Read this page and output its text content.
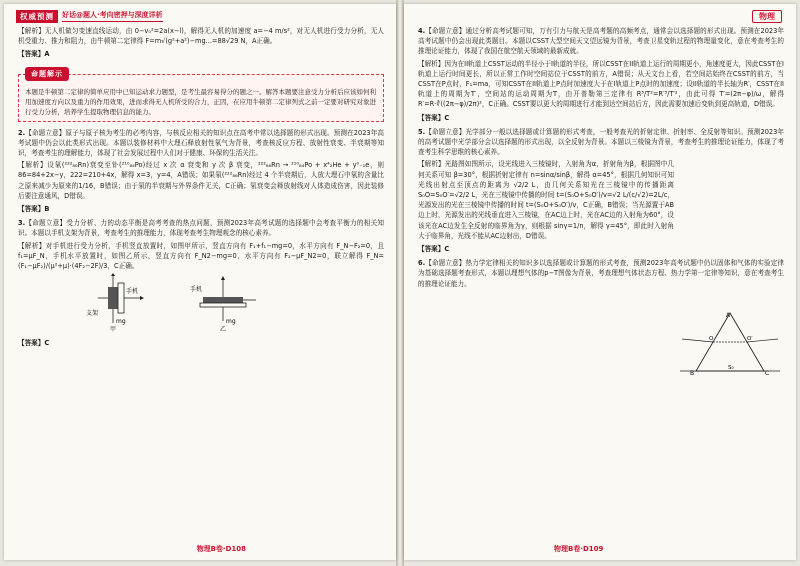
权威预测	好话@题人·考向密押与深度详析

【解析】无人机做匀变速直线运动，由 0−v₀²=2a(x−l)，解得无人机的加速度 a=−4 m/s²，对无人机进行受力分析，无人机受重力、推力和阻力，由牛顿第二定律得 F=m√(g²+a²)−mg...=88√29 N，A正确。

【答案】A

命题解示
本题是牛顿第二定律的简单应用中已知运动求力题型，是考生最容易得分的题之一。解答本题要注意受力分析后应该如何利用加速度方向以及重力的作用效果，进而求得无人机所受的合力，正因，在应用牛顿第二定律列式之前一定要对研究对象进行受力分析，培养学生提取物理信息的能力。

2.【命题立意】原子与原子核为考生的必考内容，与核反应相关的知识点在高考中常以选择题的形式出现。预测在2023年高考试题中仍会以此类形式出现。本题以装修材料中大理石释放射性氡气为背景，考查核反应方程、放射性衰变、半衰期等知识，考查考生的理解能力，体现了社会发展过程中人们对于健康、环保的生活关注。

【解析】设氡(²²²₈₆Rn)衰变至钋(²¹⁰₈₄Po)经过 x 次 α 衰变和 y 次 β 衰变，²²²₈₆Rn → ²¹⁰₈₄Po + x⁴₂He + y⁰₋₁e，则 86=84+2x−y，222=210+4x，解得 x=3，y=4，A错误；如果氡(²²²₈₆Rn)经过 4 个半衰期后，人放大理石中氡的含量比之原来减少为原来的1/16，B错误；由于氡的半衰期与外界条件无关，C正确；氡衰变会释放射线对人体造成伤害，因此装修后要注意通风，D错误。

【答案】B

3.【命题立意】受力分析、力的动态平衡是高考考查的热点问题，预测2023年高考试题的选择题中会考查平衡力的相关知识。本题以手机支架为背景，考查考生的推理能力，体现考查考生物理观念的核心素养。

【解析】对手机进行受力分析，手机竖直放置时，如图甲所示，竖直方向有 F₁+f₁−mg=0，水平方向有 F_N−F₂=0，且 f₁=μF_N，手机水平放置时，如图乙所示，竖直方向有 F_N2−mg=0，水平方向有 F₁−μF_N2=0，联立解得 F_N=(F₁−μF₂)/(μ²+μ)·(4F₂−2F)/3，C正确。

手机
支架
mg
甲
手机
mg
乙

【答案】C

物理B卷·D108
物理

4.【命题立意】通过分析高考试题可知，万有引力与航天是高考题的高频考点，通常会以选择题的形式出现。预测在2023年高考试题中仍会出现此类题目。本题以CSST大型空间天文望远镜为背景，考查卫星变轨过程的物理量变化，意在考查考生的推理论证能力，体现了我国在航空航天领域的最新成就。

【解析】因为在II轨道上CSST运动的半径小于I轨道的半径，所以CSST在II轨道上运行的周期更小，角速度更大，因此CSST在I轨道上运行时间更长，所以正常工作时空间站位于CSST的前方，A错误；从天文台上看，若空间站始终在CSST的前方，当CSST在P点时，F₁=ma，可知CSST在II轨道上P点时加速度大于在I轨道上P点时的加速度；设II轨道的半长轴为R′，CSST在II轨道上的周期为T′，空间站的运动周期为T，由开普勒第三定律有 R³/T²=R′³/T′²，由此可得 T′=(2π−φ)/ω，解得 R′=R·∛((2π−φ)/2π)²，C正确。CSST要以更大的周期进行才能到达空间站后方，因此需要加速后变轨到更高轨道，D错误。

【答案】C

5.【命题立意】光学部分一般以选择题或计算题的形式考查，一般考查光的折射定律、折射率、全反射等知识。预测2023年的高考试题中光学部分会以选择题的形式出现，以全反射为背景。本题以三棱镜为背景，考查考生的推理论证能力，体现了考查考生科学思维的核心素养。

【解析】光路图如图所示，设光线进入三棱镜时，入射角为α，折射角为β，根据图中几何关系可知 β=30°，根据折射定律有 n=sinα/sinβ，解得 α=45°，根据几何知识可知光线出射点至顶点的距离为 √2/2 L，由几何关系知光在三棱镜中的传播距离 S₀O=S₀O′=√2/2 L，光在三棱镜中传播的时间 t=(S₀O+S₀O′)/v=√2 L/(c/√2)=2L/c，光源发出的光在三棱镜中传播的时间 t=(S₀O+S₀O′)/v，C正确，B错误；当光源置于AB边上时，光源发出的光线垂直进入三棱镜，在AC边上时，光在AC边的入射角为60°，设该光在AC边发生全反射的临界角为γ，则根据 sinγ=1/n，解得 γ=45°，即此时入射角大于临界角，光线不能从AC边射出，D错误。

【答案】C

6.【命题立意】热力学定律相关的知识多以选择题或计算题的形式考查，预测2023年高考试题中仍以固体和气体的实验定律为基础选择题考查形式，本题以理想气体的p−T图像为背景，考查理想气体状态方程、热力学第一定律等知识，意在考查考生的推理论证能力。

A
B	C
O	O′
S₀
物理B卷·D109
